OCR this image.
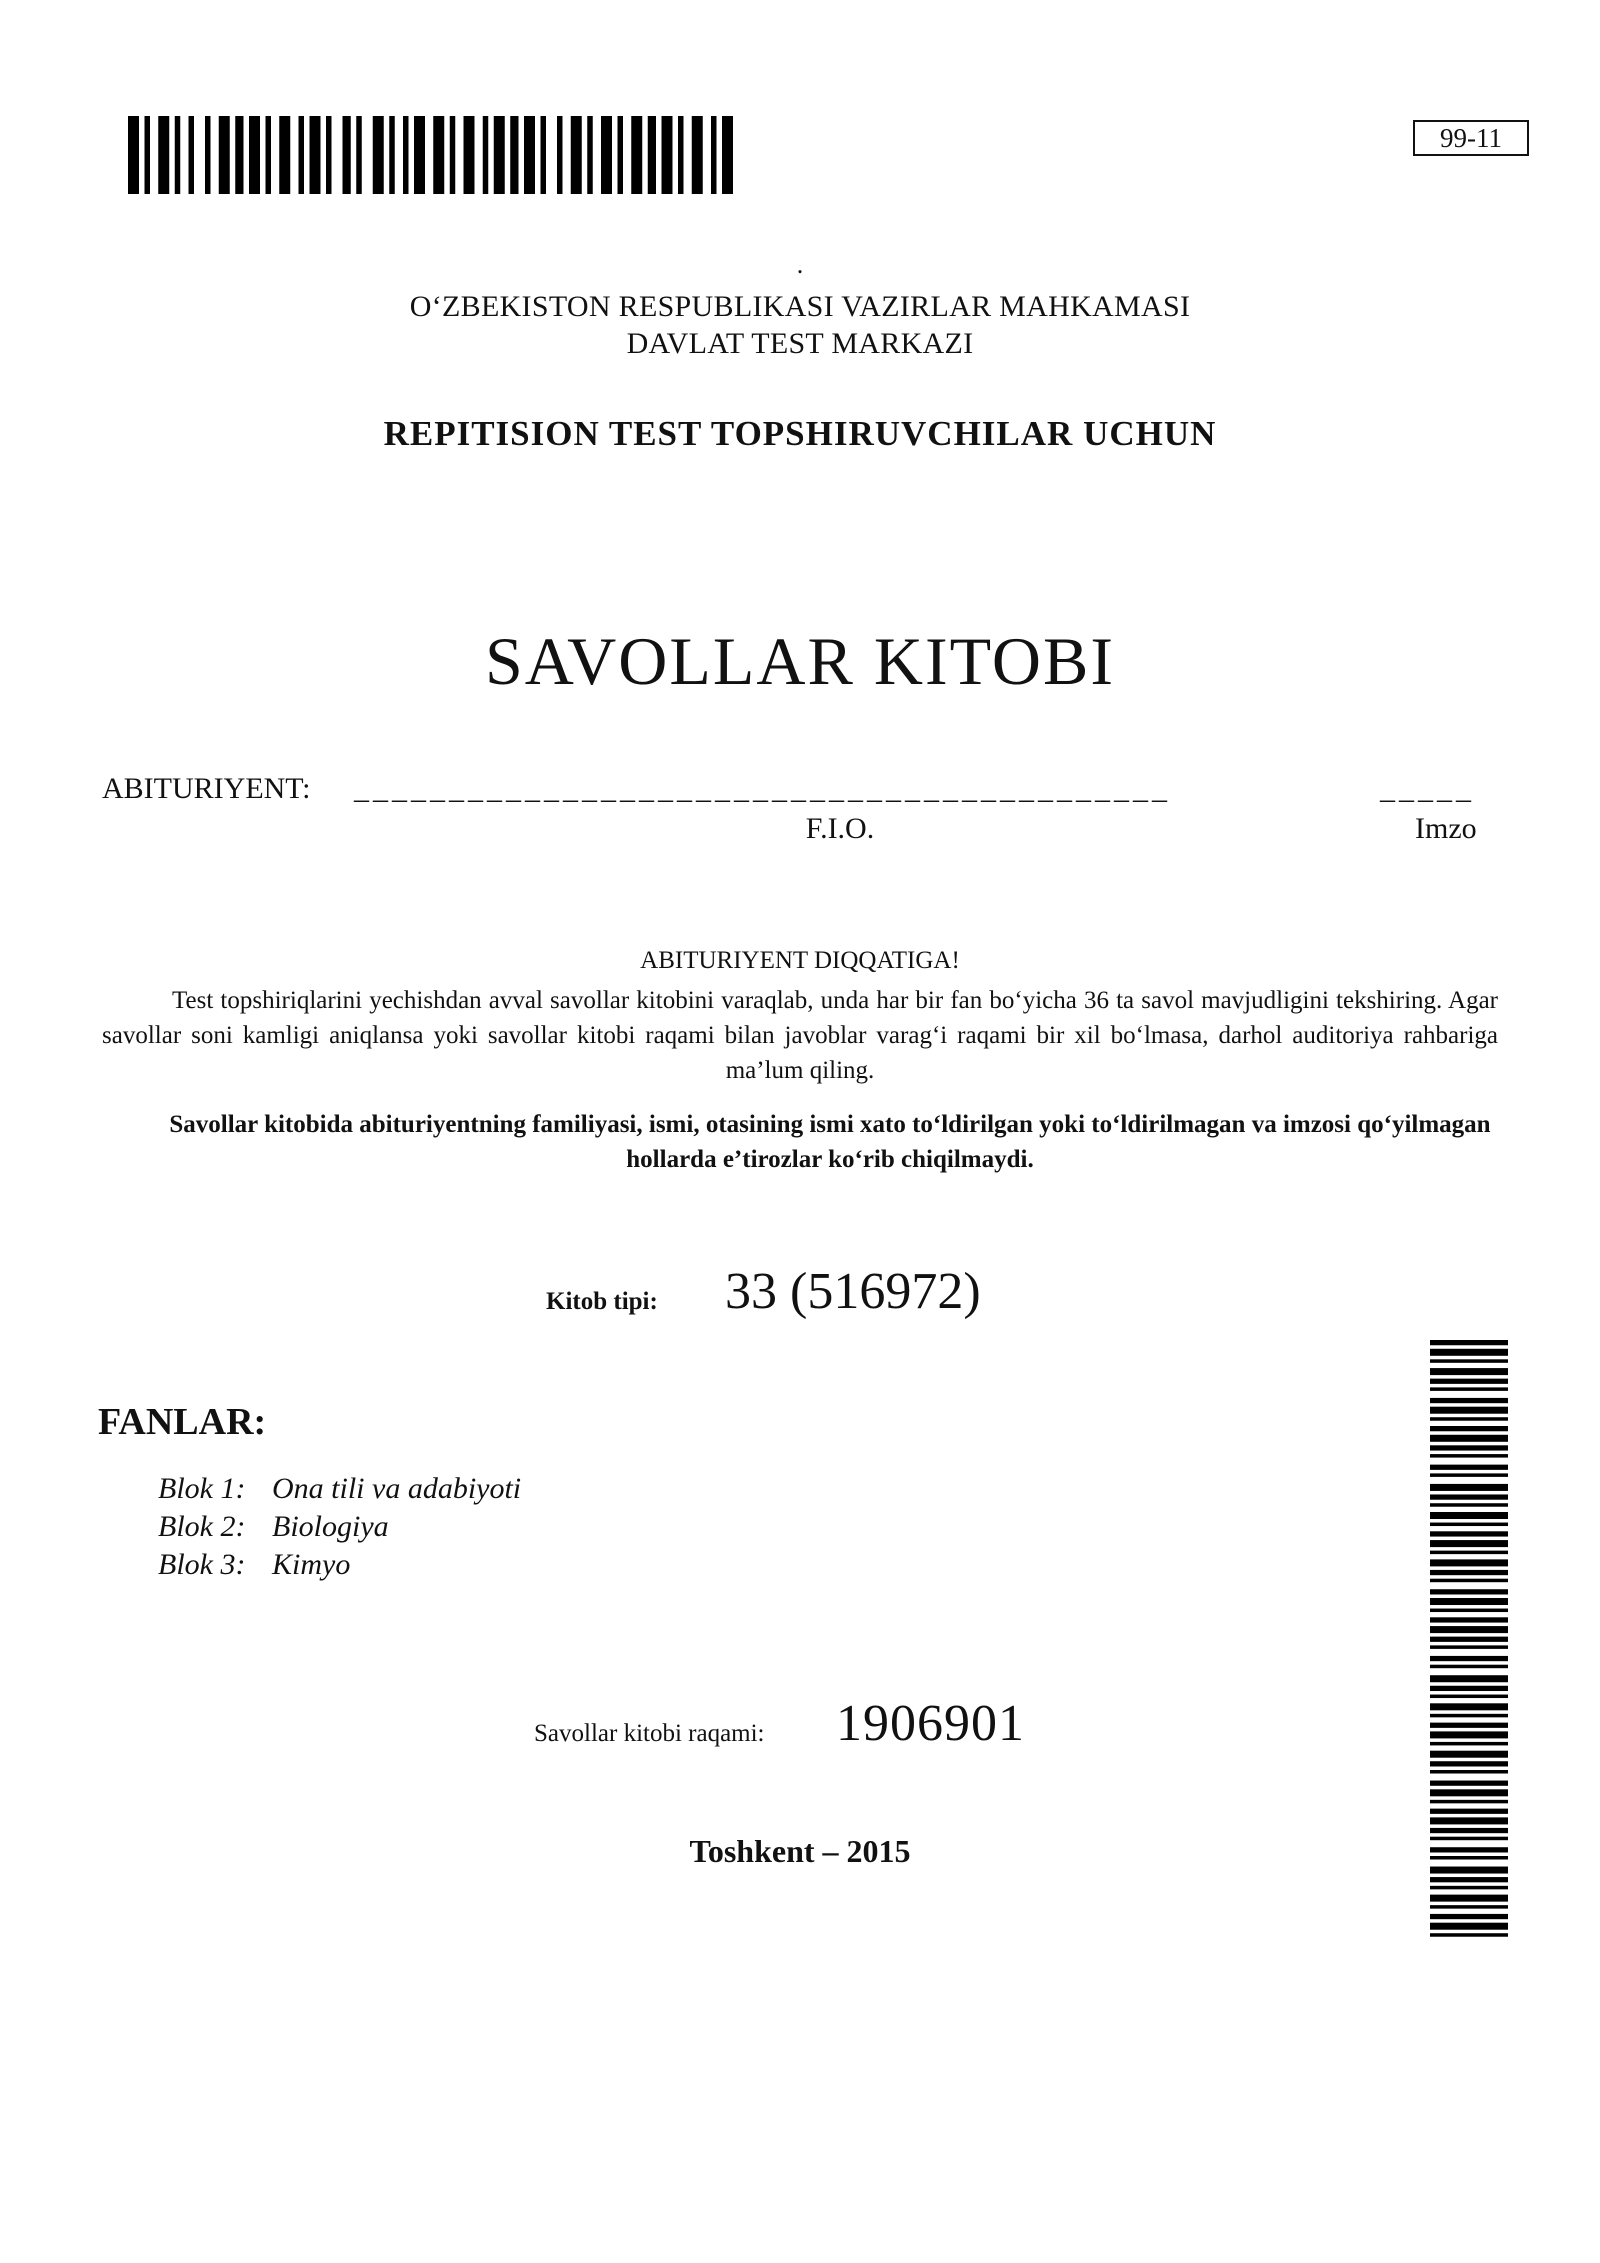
99-11
.
O‘ZBEKISTON RESPUBLIKASI VAZIRLAR MAHKAMASI
DAVLAT TEST MARKAZI
REPITISION TEST TOPSHIRUVCHILAR UCHUN
SAVOLLAR KITOBI
ABITURIYENT: ___________________________________________	_____
F.I.O.	Imzo
ABITURIYENT DIQQATIGA!
Test topshiriqlarini yechishdan avval savollar kitobini varaqlab, unda har bir fan bo‘yicha 36 ta savol mavjudligini tekshiring. Agar savollar soni kamligi aniqlansa yoki savollar kitobi raqami bilan javoblar varag‘i raqami bir xil bo‘lmasa, darhol auditoriya rahbariga ma’lum qiling.
Savollar kitobida abituriyentning familiyasi, ismi, otasining ismi xato to‘ldirilgan yoki to‘ldirilmagan va imzosi qo‘yilmagan hollarda e’tirozlar ko‘rib chiqilmaydi.
Kitob tipi: 33 (516972)
FANLAR:
Blok 1: Ona tili va adabiyoti
Blok 2: Biologiya
Blok 3: Kimyo
Savollar kitobi raqami: 1906901
Toshkent – 2015
